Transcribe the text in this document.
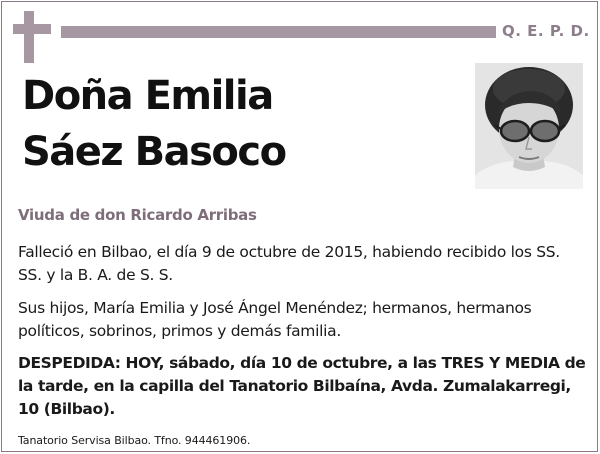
Q. E. P. D.
Doña Emilia
Sáez Basoco
Viuda de don Ricardo Arribas
Falleció en Bilbao, el día 9 de octubre de 2015, habiendo recibido los SS. SS. y la B. A. de S. S.
Sus hijos, María Emilia y José Ángel Menéndez; hermanos, hermanos políticos, sobrinos, primos y demás familia.
DESPEDIDA: HOY, sábado, día 10 de octubre, a las TRES Y MEDIA de la tarde, en la capilla del Tanatorio Bilbaína, Avda. Zumalakarregi, 10 (Bilbao).
Tanatorio Servisa Bilbao. Tfno. 944461906.
